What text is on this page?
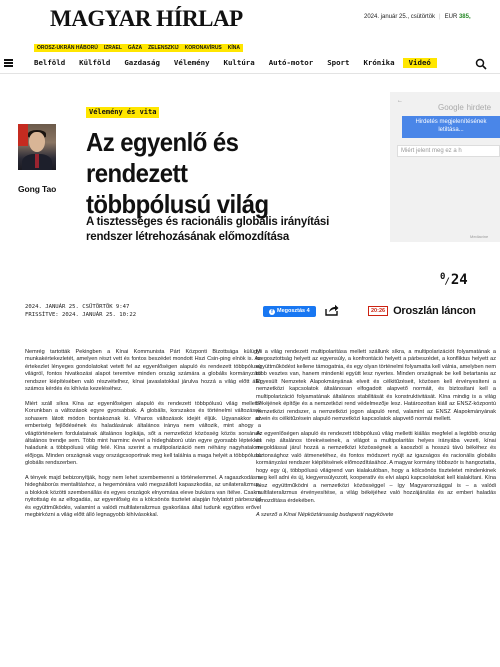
MAGYAR HÍRLAP	2024. január 25., csütörtök | EUR 385,
OROSZ-UKRÁN HÁBORÚ	IZRAEL	GÁZA	ZELENSZKIJ	KORONAVÍRUS	KÍNA
Belföld Külföld Gazdaság Vélemény Kultúra Autó-motor Sport Krónika	Videó
Vélemény és vita
Gong Tao
Az egyenlő és rendezett többpólusú világ
A tisztességes és racionális globális irányítási rendszer létrehozásának előmozdítása
2024. JANUÁR 25. CSÜTÖRTÖK 9:47
FRISSÍTVE: 2024. JANUÁR 25. 10:22
f Megosztás 4
←
Google hirdete
Hirdetés megjelenítésének letiltása...
Miért jelent meg ez a h
Mediavine
$^0$/24
20:26 Oroszlán láncon

Nemrég tartották Pekingben a Kínai Kommunista Párt Központi Bizottsága külügyi munkakértekezletét, amelyen részt vett és fontos beszédet mondott Hszi Csin-ping elnök is. Az értekezlet lényeges gondolatokat vetett fel az egyenlőségen alapuló és rendezett többpólusú világról, fontos hivatkozási alapot teremtve minden ország számára a globális kormányzási rendszer kiépítésében való részvételhez, kínai javaslatokkal járulva hozzá a világ előtt álló számos kérdés és kihívás kezeléséhez.

Miért száll síkra Kína az egyenlőségen alapuló és rendezett többpólusú világ mellett? Korunkban a változások egyre gyorsabbak. A globális, korszakos és történelmi változások sohasem látott módon bontakoznak ki. Viharos változások idejét éljük. Ugyanakkor az emberiség fejlődésének és haladásának általános iránya nem változik, mint ahogy a világtörténelem fordulatainak általános logikája, sőt a nemzetközi közösség közös sorsának általános trendje sem. Több mint harminc évvel a hidegháború után egyre gyorsabb léptekkel haladunk a többpólusú világ felé. Kína szerint a multipolarizáció nem néhány nagyhatalom előjoga. Minden országnak vagy országcsoportnak meg kell találnia a maga helyét a többpólusú globális rendszerben.

A tények majd bebizonyítják, hogy nem lehet szembemenni a történelemmel. A ragaszkodás a hidegháborús mentalitáshoz, a hegemóniára való megszállott kapaszkodás, az unilateralizmus, a blokkok közötti szembenállás és egyes országok elnyomása eleve bukásra van ítélve. Csak a nyitottság és az elfogadás, az egyenlőség és a kölcsönös tisztelet alapján folytatott párbeszéd és együttműködés, valamint a valódi multilateralizmus gyakorlása által tudunk együttes erővel megbirkózni a világ előtt álló legnagyobb kihívásokkal.

Mi a világ rendezett multipolaritása mellett szállunk síkra, a multipolarizációt folyamatának a megosztottság helyett az egyensúly, a konfrontáció helyett a párbeszédet, a konfliktus helyett az együttműködést kellene támogatnia, és egy olyan történelmi folyamatta kell válnia, amelyben nem több vesztes van, hanem mindenki együtt lesz nyertes. Minden országnak be kell betartania az Egyesült Nemzetek Alapokmányának elveit és célkitűzéseit, közösen kell érvényesíteni a nemzetközi kapcsolatok általánosan elfogadott alapvető normáit, és biztosítani kell a multipolarizáció folyamatának általános stabilitását és konstruktivitását. Kína mindig is a világ békéjének építője és a nemzetközi rend védelmezője lesz. Határozottan kiáll az ENSZ-központú nemzetközi rendszer, a nemzetközi jogon alapuló rend, valamint az ENSZ Alapokmányának elvein és célkitűzésein alapuló nemzetközi kapcsolatok alapvető normái mellett.

Az egyenlőségen alapuló és rendezett többpólusú világ melletti kiállás megfelel a legtöbb ország és nép általános törekvéseinek, a világot a multipolaritás helyes irányába vezeti, kínai megoldással járul hozzá a nemzetközi közösségnek a kaoszból a hosszú távú békéhez és biztonsághoz való átmenetéhez, és fontos módszert nyújt az igazságos és racionális globális kormányzási rendszer kiépítésének előmozdításához. A magyar kormány többször is hangoztatta, hogy egy új, többpólusú világrend van kialakulóban, hogy a kölcsönös tiszteletet mindenkinek meg kell adni és új, kiegyensúlyozott, kooperatív és elvi alapú kapcsolatokat kell kialakítani. Kína kész együttműködni a nemzetközi közösséggel – így Magyarországgal is – a valódi multilateralizmus érvényesítése, a világ békéjéhez való hozzájárulás és az emberi haladás elmozdítása érdekében.

A szerző a Kínai Népköztársaság budapesti nagykövete
